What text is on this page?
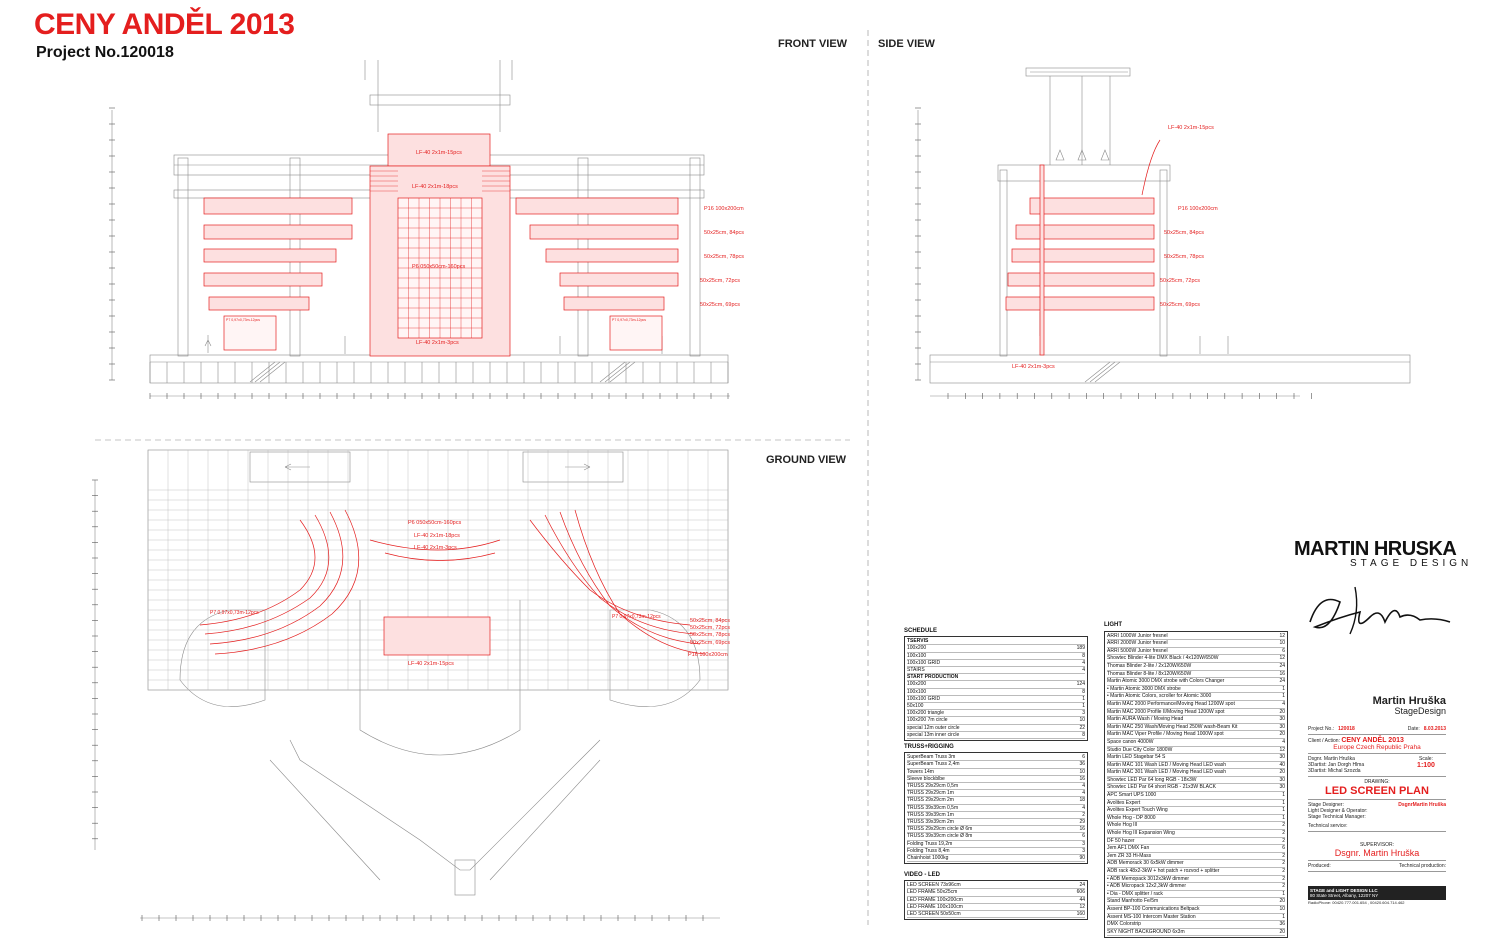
CENY ANDĚL 2013
Project No.120018	FRONT VIEW	SIDE VIEW
GROUND VIEW
LF-40 2x1m-15pcs
LF-40 2x1m-18pcs
P6 050x50cm-160pcs
LF-40 2x1m-3pcs
P16 100x200cm
50x25cm, 84pcs
50x25cm, 78pcs
50x25cm, 72pcs
50x25cm, 69pcs
P7 0,97x0,73m-12pcs	P7 0,97x0,73m-12pcs
LF-40 2x1m-15pcs
P16 100x200cm
50x25cm, 84pcs
50x25cm, 78pcs
50x25cm, 72pcs
50x25cm, 69pcs
LF-40 2x1m-3pcs
P6 050x50cm-160pcs
LF-40 2x1m-18pcs
LF-40 2x1m-3pcs
LF-40 2x1m-15pcs
P7 0,97x0,73m-12pcs
P7 0,97x0,73m-12pcs
50x25cm, 84pcs
50x25cm, 72pcs
50x25cm, 78pcs
50x25cm, 69pcs
P16 100x200cm
SCHEDULE
TSERVIS
100x200	189
100x100	8
100x100 GRID	4
STAIRS	4
START PRODUCTION
100x200	124
100x100	8
100x100 GRID	1
50x100	1
100x200 triangle	3
100x200 7m circle	10
special 12m outer circle	22
special 13m inner circle	8
TRUSS+RIGGING
SuperBeam Truss 3m	6
SuperBeam Truss 2,4m	36
Towers 14m	10
Sleeve blockblbe	16
TRUSS 29x29cm 0,5m	4
TRUSS 29x29cm 1m	4
TRUSS 29x29cm 2m	18
TRUSS 39x39cm 0,5m	4
TRUSS 39x39cm 1m	2
TRUSS 39x39cm 2m	29
TRUSS 29x29cm circle Ø 6m	16
TRUSS 39x39cm circle Ø 8m	6
Folding Truss 19,2m	3
Folding Truss 8,4m	3
Chainhoist 1000kg	90
VIDEO - LED
LED SCREEN 73x96cm	24
LED FRAME 50x25cm	606
LED FRAME 100x200cm	44
LED FRAME 100x100cm	12
LED SCREEN 50x50cm	160
LIGHT
ARRI 1000W Junior fresnel	12
ARRI 2000W Junior fresnel	10
ARRI 5000W Junior fresnel	6
Showtec Blinder 4-lite DMX Black / 4x120W/650W	12
Thomas Blinder 2-lite / 2x120W/650W	24
Thomas Blinder 8-lite / 8x120W/650W	16
Martin Atomic 3000 DMX strobe with Colors Changer	24
• Martin Atomic 3000 DMX strobe	1
• Martin Atomic Colors, scroller for Atomic 3000	1
Martin MAC 2000 Performance/Moving Head 1200W spot	4
Martin MAC 2000 Profile II/Moving Head 1200W spot	20
Martin AURA Wash / Moving Head	30
Martin MAC 250 Wash/Moving Head 250W wash-Beam Kit	30
Martin MAC Viper Profile / Moving Head 1000W spot	20
Space canon 4000W	4
Studio Due City Color 1800W	12
Martin LED Stagebar 54 S	30
Martin MAC 101 Wash LED / Moving Head LED wash	40
Martin MAC 301 Wash LED / Moving Head LED wash	20
Showtec LED Par 64 long RGB - 18x3W	30
Showtec LED Par 64 short RGB - 21x3W BLACK	30
APC Smart UPS 1000	1
Avolites Expert	1
Avolites Expert Touch Wing	1
Whole Hog - DP 8000	1
Whole Hog III	2
Whole Hog III Expansion Wing	2
DF 50 hazer	2
Jem AF1 DMX Fan	6
Jem ZR 33 Hi-Mass	2
ADB Memorack 30 6x5kW dimmer	2
ADB rack 48x2-3kW + hot patch + rozvod + splitter	2
• ADB Memopack 3012x3kW dimmer	2
• ADB Micropack 12x2,3kW dimmer	2
• Dia - DMX splitter / rack	1
Stand Manfrotto Fe/5m	20
Assent BP-100 Communications Beltpack	10
Assent MS-100 Intercom Master Station	1
DMX Colorstrip	36
SKY NIGHT BACKGROUND 6x3m	20
MARTIN HRUSKA
STAGE DESIGN
Martin Hruška
StageDesign
Project No.: 120018	Date: 8.03.2013
Client / Action: CENY ANDĚL 2013
Europe Czech Republic Praha
Dsgnr. Martin Hruška
3Dartist: Jan Dorgh Hlma
3Dartist: Michal Szozda
Scale:
1:100
DRAWING:
LED SCREEN PLAN
Stage Designer:	DsgnrMartin Hruška
Light Designer & Operator:
Stage Technical Manager:
Technical service:
SUPERVISOR:
Dsgnr. Martin Hruška
Produced:	Technical production:
STAGE and LIGHT DESIGN LLC
80 State Street, Albany, 12207 NY
RadioPhone: 00420.777.001.654 , 00420.604.714.462
